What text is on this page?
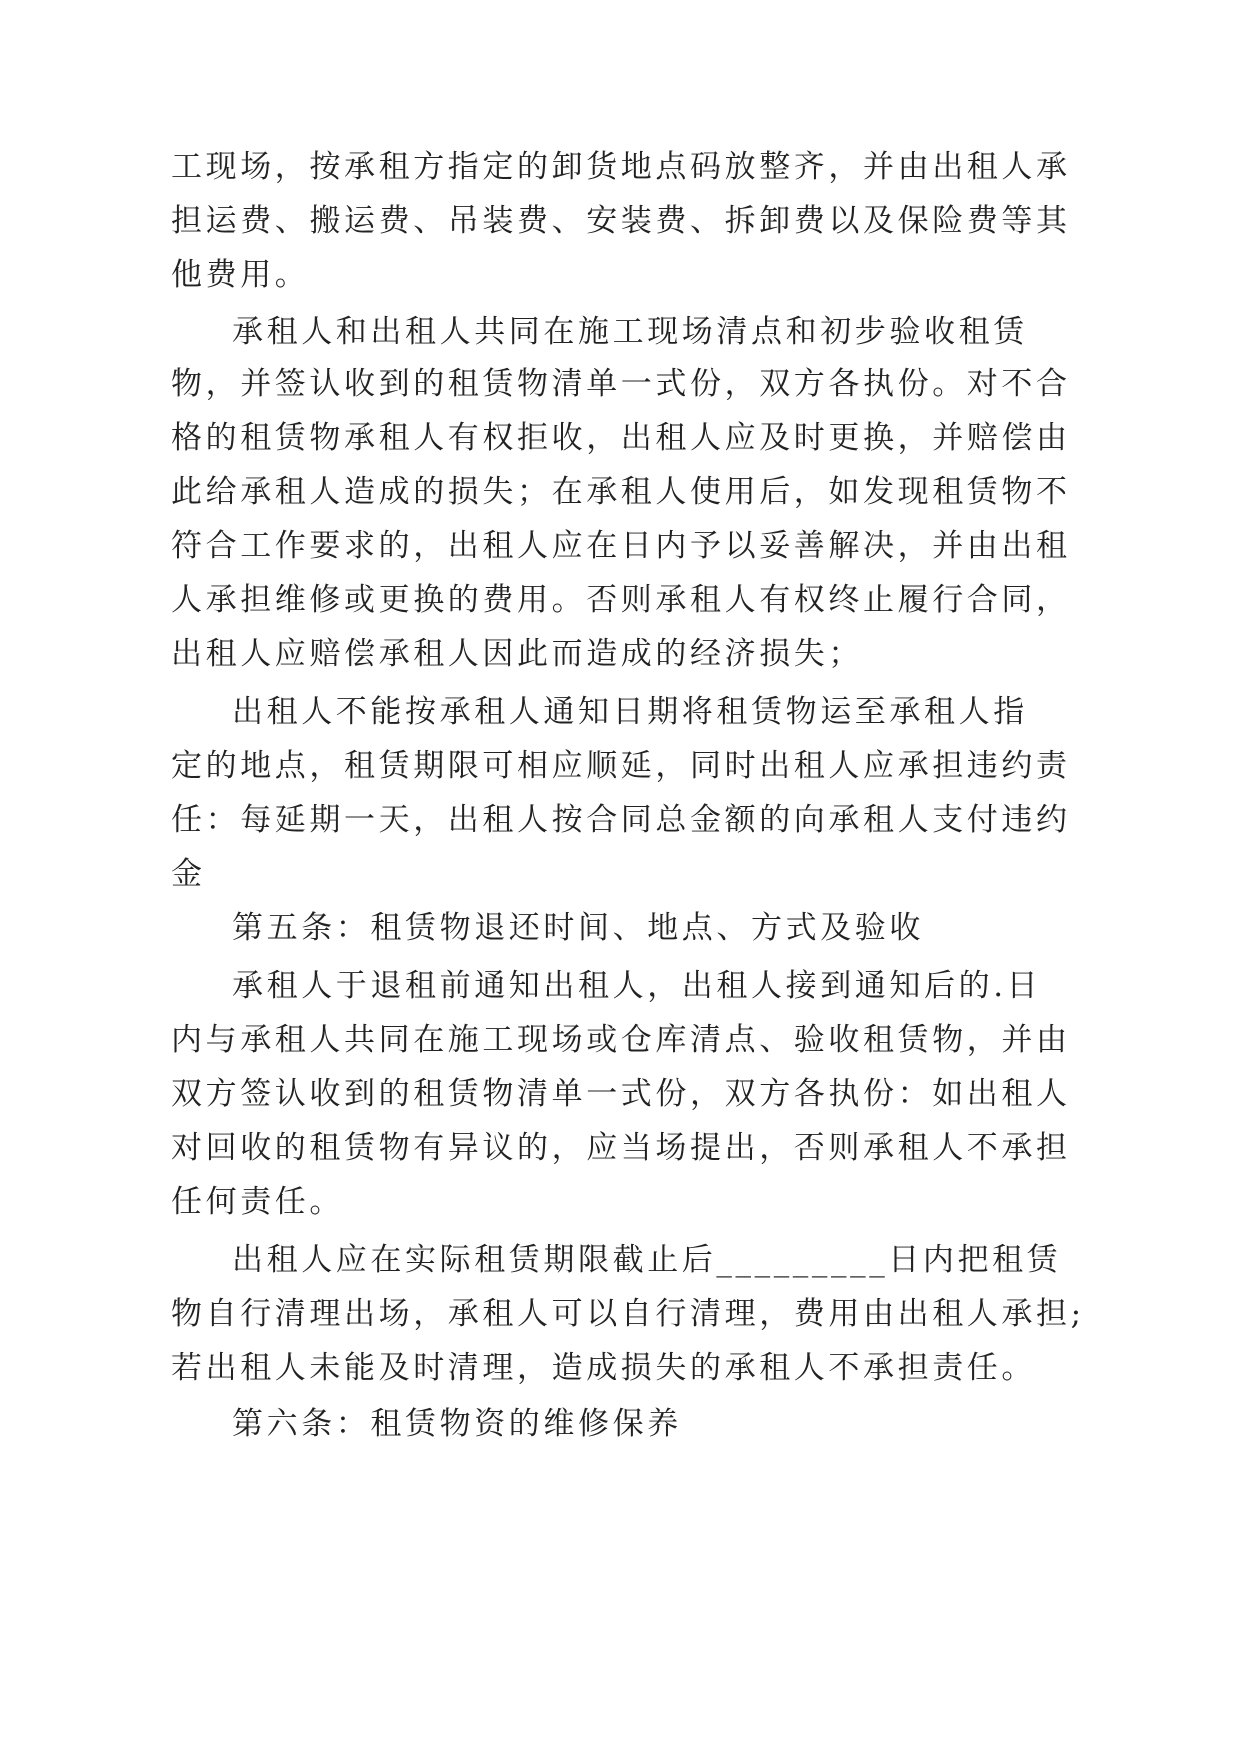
工现场，按承租方指定的卸货地点码放整齐，并由出租人承
担运费、搬运费、吊装费、安装费、拆卸费以及保险费等其
他费用。
承租人和出租人共同在施工现场清点和初步验收租赁
物，并签认收到的租赁物清单一式份，双方各执份。对不合
格的租赁物承租人有权拒收，出租人应及时更换，并赔偿由
此给承租人造成的损失；在承租人使用后，如发现租赁物不
符合工作要求的，出租人应在日内予以妥善解决，并由出租
人承担维修或更换的费用。否则承租人有权终止履行合同，
出租人应赔偿承租人因此而造成的经济损失；
出租人不能按承租人通知日期将租赁物运至承租人指
定的地点，租赁期限可相应顺延，同时出租人应承担违约责
任：每延期一天，出租人按合同总金额的向承租人支付违约
金
第五条：租赁物退还时间、地点、方式及验收
承租人于退租前通知出租人，出租人接到通知后的.日
内与承租人共同在施工现场或仓库清点、验收租赁物，并由
双方签认收到的租赁物清单一式份，双方各执份：如出租人
对回收的租赁物有异议的，应当场提出，否则承租人不承担
任何责任。
出租人应在实际租赁期限截止后_________日内把租赁
物自行清理出场，承租人可以自行清理，费用由出租人承担;
若出租人未能及时清理，造成损失的承租人不承担责任。
第六条：租赁物资的维修保养
